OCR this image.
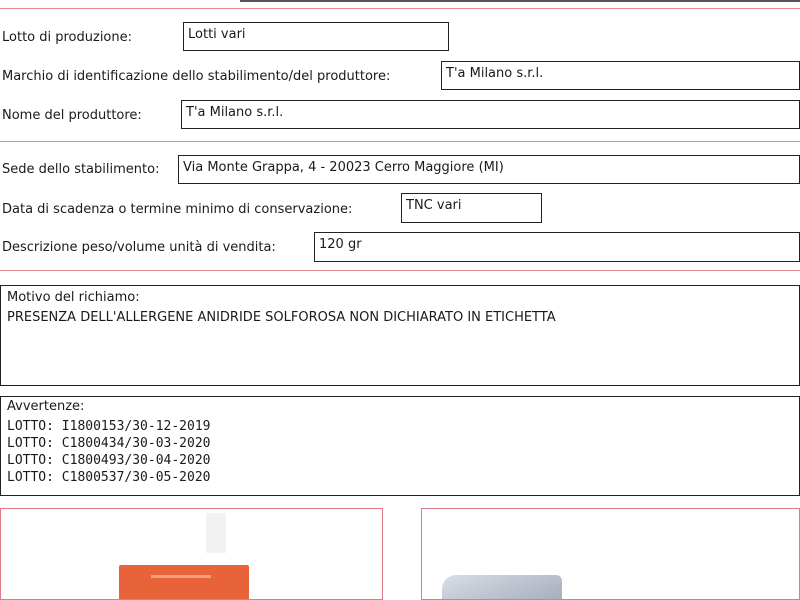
Lotto di produzione:	Lotti vari
Marchio di identificazione dello stabilimento/del produttore:	T'a Milano s.r.l.
Nome del produttore:	T'a Milano s.r.l.
Sede dello stabilimento:	Via Monte Grappa, 4 - 20023 Cerro Maggiore (MI)
Data di scadenza o termine minimo di conservazione:	TNC vari
Descrizione peso/volume unità di vendita:	120 gr
Motivo del richiamo:
PRESENZA DELL'ALLERGENE ANIDRIDE SOLFOROSA NON DICHIARATO IN ETICHETTA
Avvertenze:
LOTTO: I1800153/30-12-2019
LOTTO: C1800434/30-03-2020
LOTTO: C1800493/30-04-2020
LOTTO: C1800537/30-05-2020
